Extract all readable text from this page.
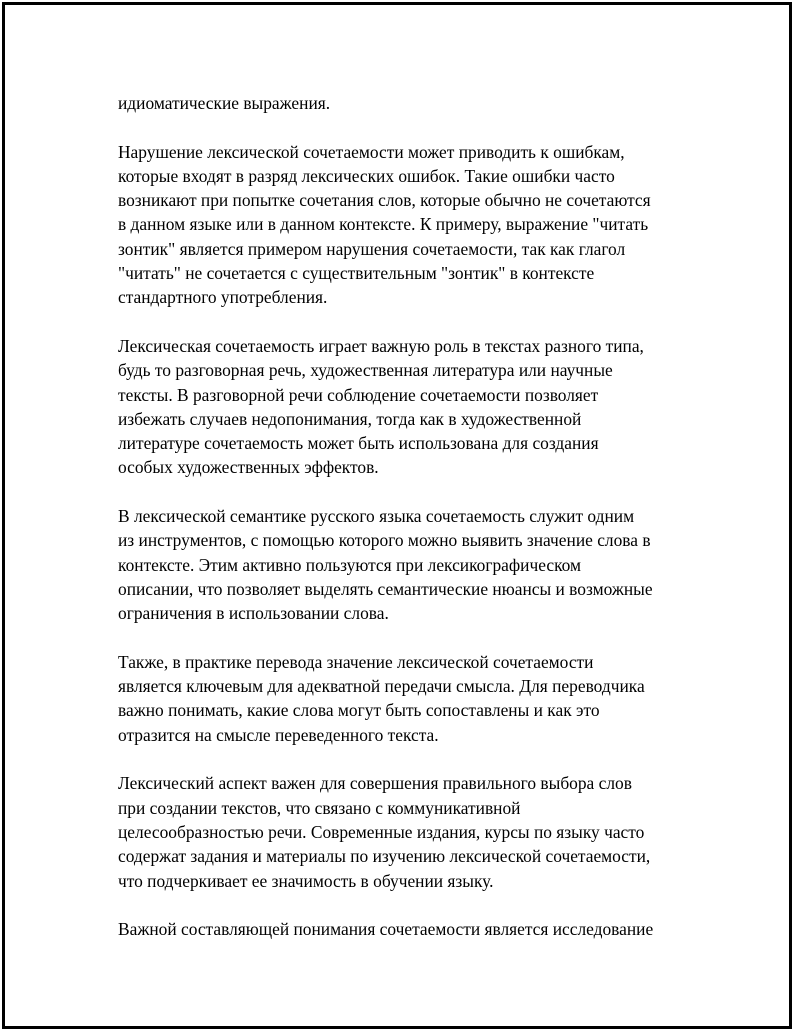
идиоматические выражения.
Нарушение лексической сочетаемости может приводить к ошибкам,
которые входят в разряд лексических ошибок. Такие ошибки часто
возникают при попытке сочетания слов, которые обычно не сочетаются
в данном языке или в данном контексте. К примеру, выражение "читать
зонтик" является примером нарушения сочетаемости, так как глагол
"читать" не сочетается с существительным "зонтик" в контексте
стандартного употребления.
Лексическая сочетаемость играет важную роль в текстах разного типа,
будь то разговорная речь, художественная литература или научные
тексты. В разговорной речи соблюдение сочетаемости позволяет
избежать случаев недопонимания, тогда как в художественной
литературе сочетаемость может быть использована для создания
особых художественных эффектов.
В лексической семантике русского языка сочетаемость служит одним
из инструментов, с помощью которого можно выявить значение слова в
контексте. Этим активно пользуются при лексикографическом
описании, что позволяет выделять семантические нюансы и возможные
ограничения в использовании слова.
Также, в практике перевода значение лексической сочетаемости
является ключевым для адекватной передачи смысла. Для переводчика
важно понимать, какие слова могут быть сопоставлены и как это
отразится на смысле переведенного текста.
Лексический аспект важен для совершения правильного выбора слов
при создании текстов, что связано с коммуникативной
целесообразностью речи. Современные издания, курсы по языку часто
содержат задания и материалы по изучению лексической сочетаемости,
что подчеркивает ее значимость в обучении языку.
Важной составляющей понимания сочетаемости является исследование
